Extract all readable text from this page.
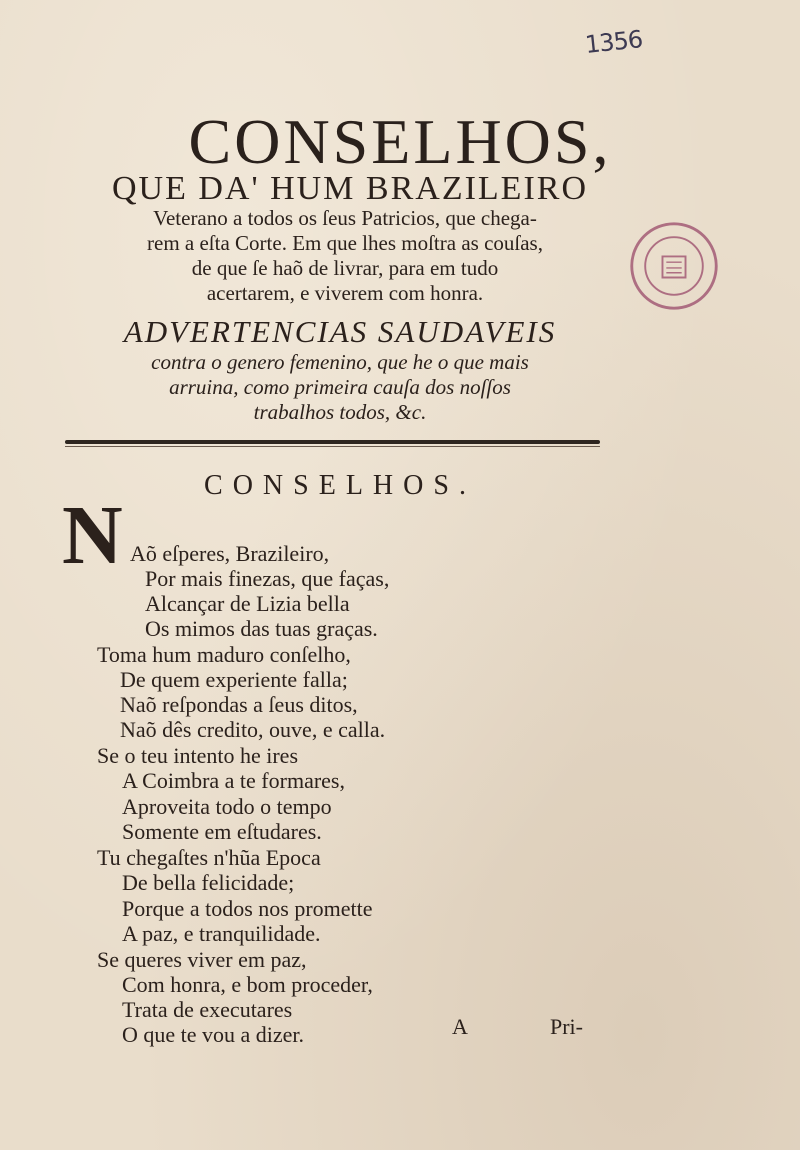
1356
CONSELHOS,
QUE DA' HUM BRAZILEIRO
Veterano a todos os ſeus Patricios, que chega-
rem a eſta Corte. Em que lhes moſtra as couſas,
de que ſe haõ de livrar, para em tudo
acertarem, e viverem com honra.
ADVERTENCIAS SAUDAVEIS
contra o genero femenino, que he o que mais
arruina, como primeira cauſa dos noſſos
trabalhos todos, &c.
CONSELHOS.
N Aõ eſperes, Brazileiro,
Por mais finezas, que faças,
Alcançar de Lizia bella
Os mimos das tuas graças.
Toma hum maduro conſelho,
De quem experiente falla;
Naõ reſpondas a ſeus ditos,
Naõ dês credito, ouve, e calla.
Se o teu intento he ires
A Coimbra a te formares,
Aproveita todo o tempo
Somente em eſtudares.
Tu chegaſtes n'hũa Epoca
De bella felicidade;
Porque a todos nos promette
A paz, e tranquilidade.
Se queres viver em paz,
Com honra, e bom proceder,
Trata de executares
O que te vou a dizer.	A	Pri-
